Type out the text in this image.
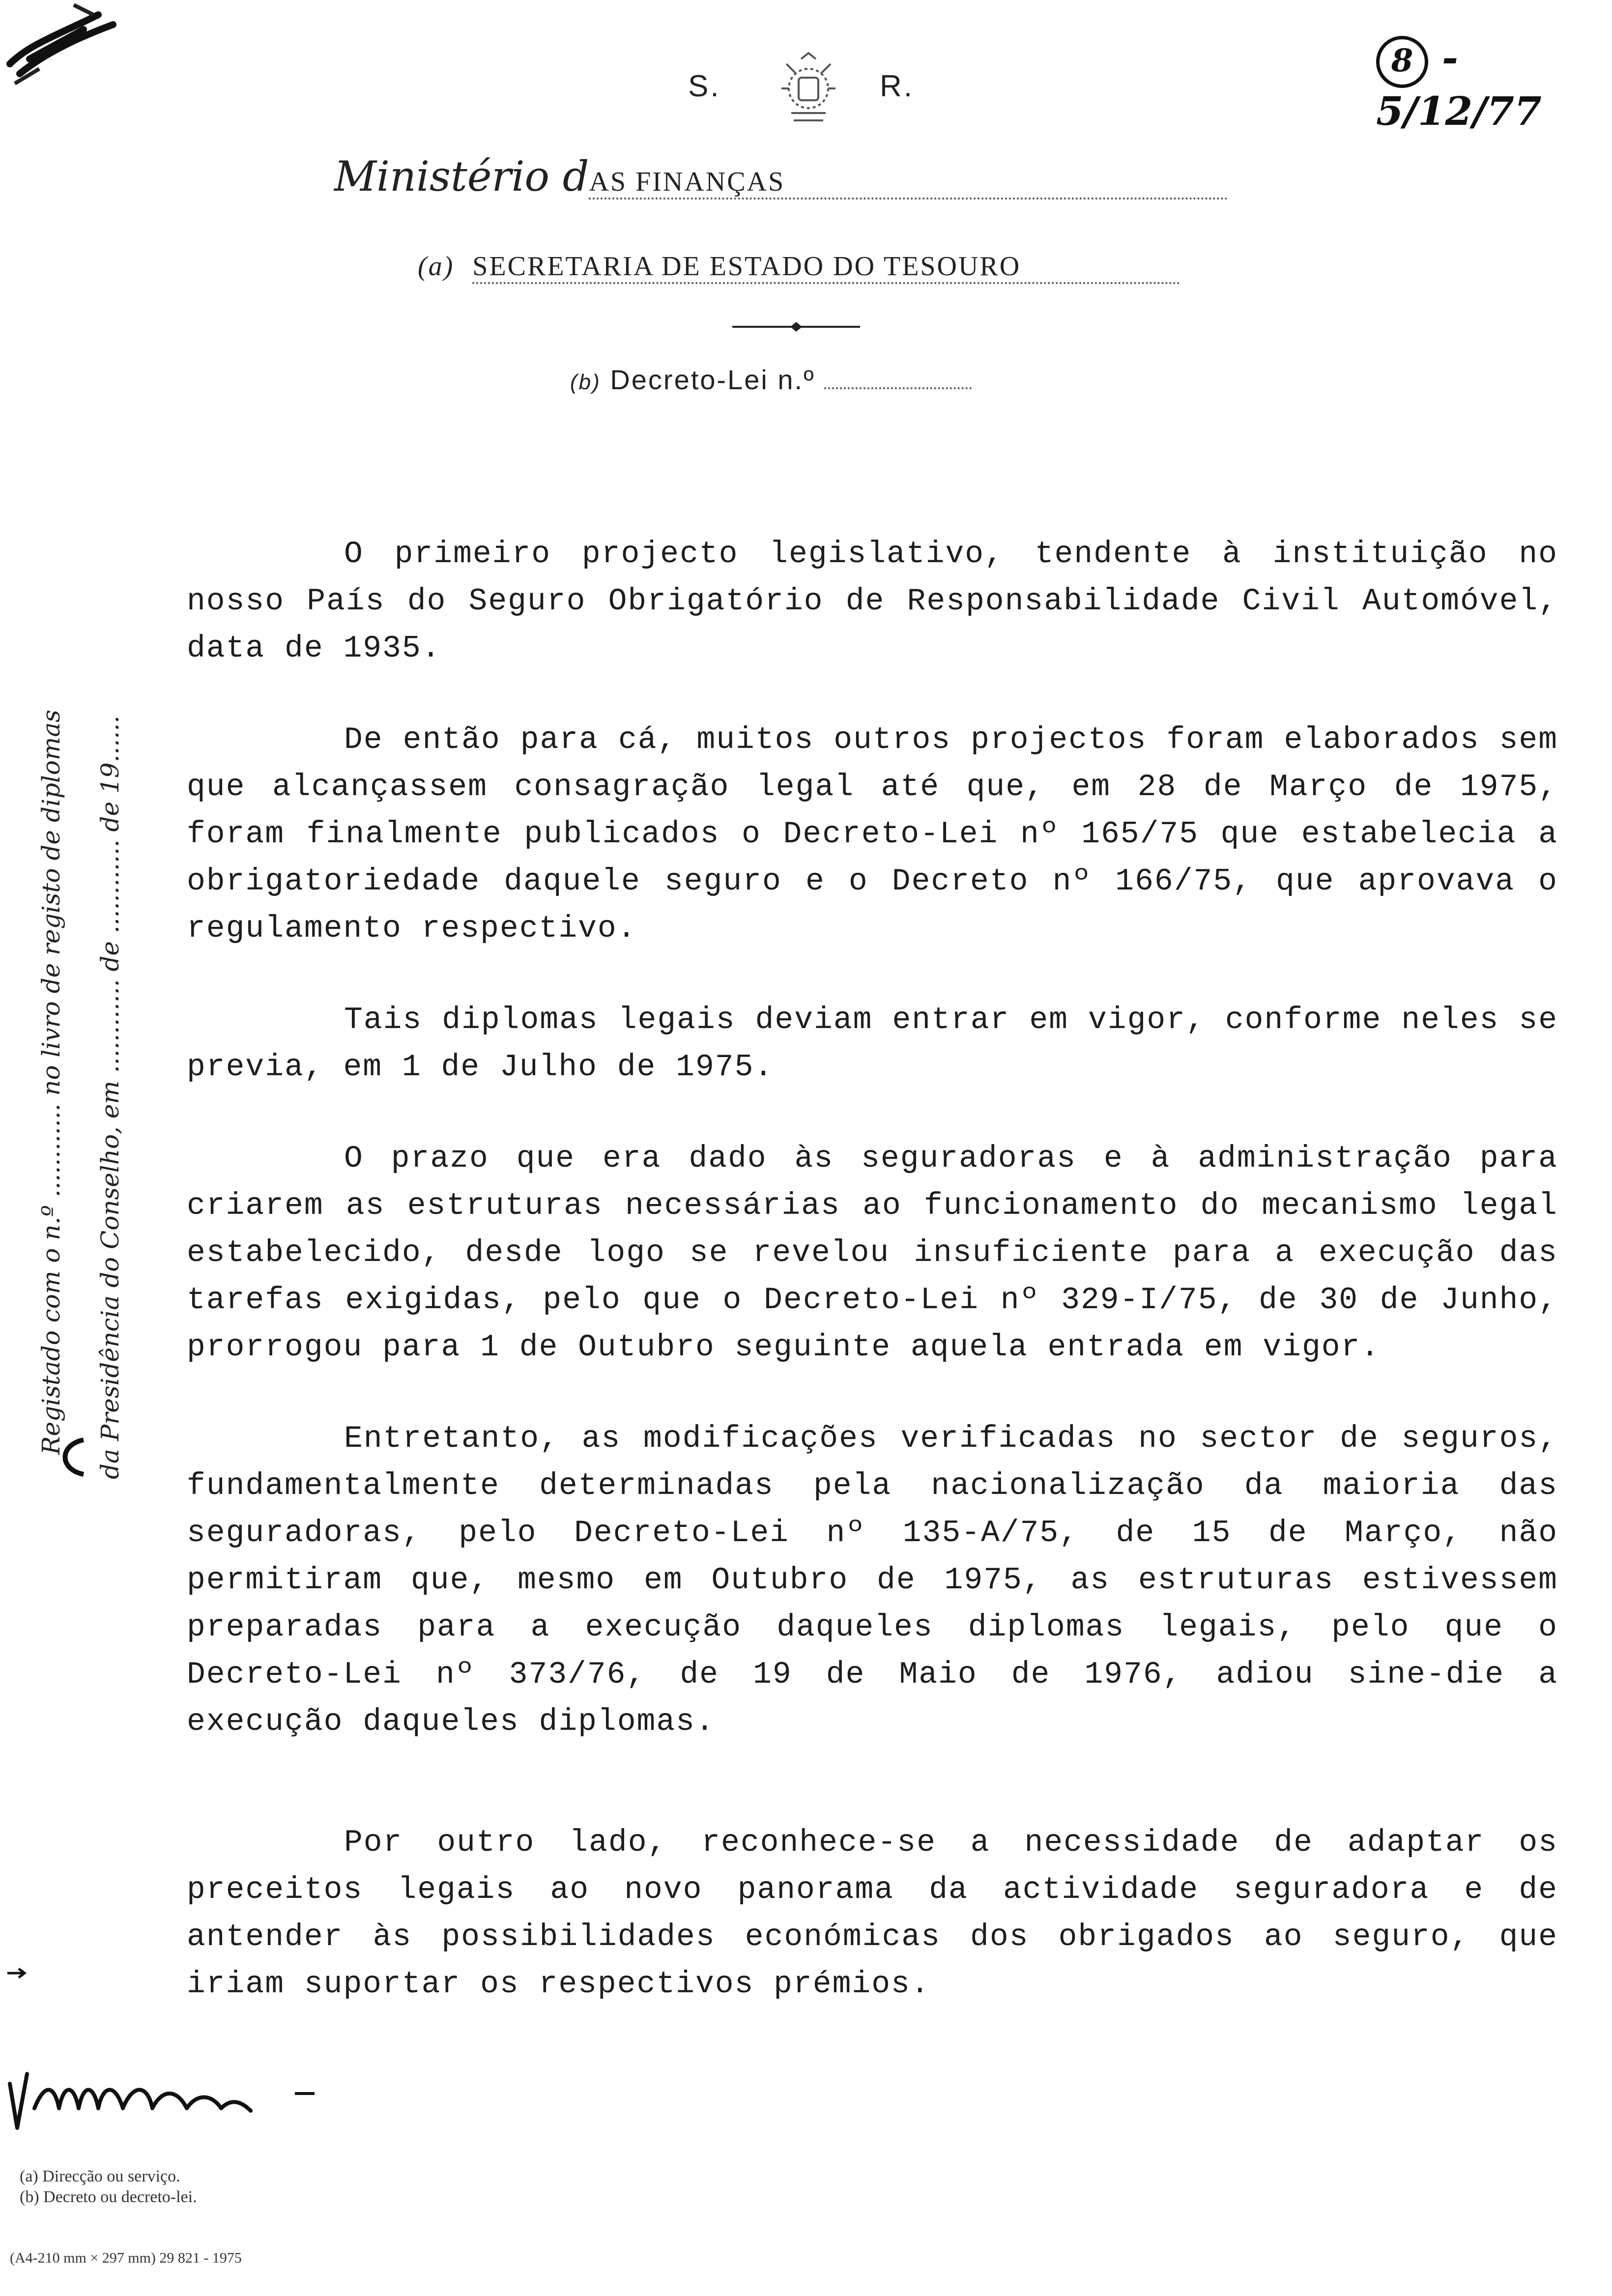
8 - 5/12/77
S.	R.
Ministério dAS FINANÇAS
(a) SECRETARIA DE ESTADO DO TESOURO
(b) Decreto-Lei n.º
Registado com o n.º ............ no livro de registo de diplomas da Presidência do Conselho, em ............ de ............ de 19......

O primeiro projecto legislativo, tendente à instituição no nosso País do Seguro Obrigatório de Responsabilidade Civil Automóvel, data de 1935.

De então para cá, muitos outros projectos foram elaborados sem que alcançassem consagração legal até que, em 28 de Março de 1975, foram finalmente publicados o Decreto-Lei nº 165/75 que estabelecia a obrigatoriedade daquele seguro e o Decreto nº 166/75, que aprovava o regulamento respectivo.

Tais diplomas legais deviam entrar em vigor, conforme neles se previa, em 1 de Julho de 1975.

O prazo que era dado às seguradoras e à administração para criarem as estruturas necessárias ao funcionamento do mecanismo legal estabelecido, desde logo se revelou insuficiente para a execução das tarefas exigidas, pelo que o Decreto-Lei nº 329-I/75, de 30 de Junho, prorrogou para 1 de Outubro seguinte aquela entrada em vigor.

Entretanto, as modificações verificadas no sector de seguros, fundamentalmente determinadas pela nacionalização da maioria das seguradoras, pelo Decreto-Lei nº 135-A/75, de 15 de Março, não permitiram que, mesmo em Outubro de 1975, as estruturas estivessem preparadas para a execução daqueles diplomas legais, pelo que o Decreto-Lei nº 373/76, de 19 de Maio de 1976, adiou sine-die a execução daqueles diplomas.

Por outro lado, reconhece-se a necessidade de adaptar os preceitos legais ao novo panorama da actividade seguradora e de antender às possibilidades económicas dos obrigados ao seguro, que iriam suportar os respectivos prémios.

(a) Direcção ou serviço.
(b) Decreto ou decreto-lei.
(A4-210 mm × 297 mm) 29 821 - 1975
